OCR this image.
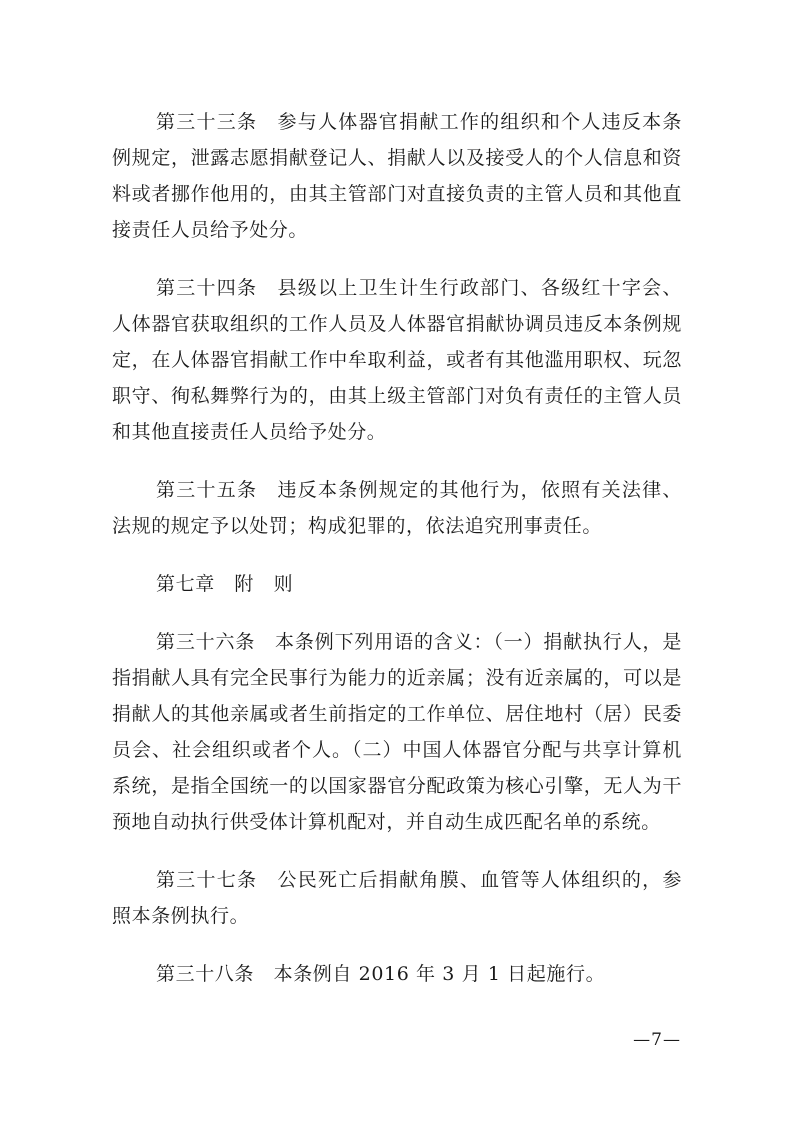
第三十三条　参与人体器官捐献工作的组织和个人违反本条例规定，泄露志愿捐献登记人、捐献人以及接受人的个人信息和资料或者挪作他用的，由其主管部门对直接负责的主管人员和其他直接责任人员给予处分。

第三十四条　县级以上卫生计生行政部门、各级红十字会、人体器官获取组织的工作人员及人体器官捐献协调员违反本条例规定，在人体器官捐献工作中牟取利益，或者有其他滥用职权、玩忽职守、徇私舞弊行为的，由其上级主管部门对负有责任的主管人员和其他直接责任人员给予处分。

第三十五条　违反本条例规定的其他行为，依照有关法律、法规的规定予以处罚；构成犯罪的，依法追究刑事责任。

第七章　附　则

第三十六条　本条例下列用语的含义：（一）捐献执行人，是指捐献人具有完全民事行为能力的近亲属；没有近亲属的，可以是捐献人的其他亲属或者生前指定的工作单位、居住地村（居）民委员会、社会组织或者个人。（二）中国人体器官分配与共享计算机系统，是指全国统一的以国家器官分配政策为核心引擎，无人为干预地自动执行供受体计算机配对，并自动生成匹配名单的系统。

第三十七条　公民死亡后捐献角膜、血管等人体组织的，参照本条例执行。

第三十八条　本条例自 2016 年 3 月 1 日起施行。

—7—
